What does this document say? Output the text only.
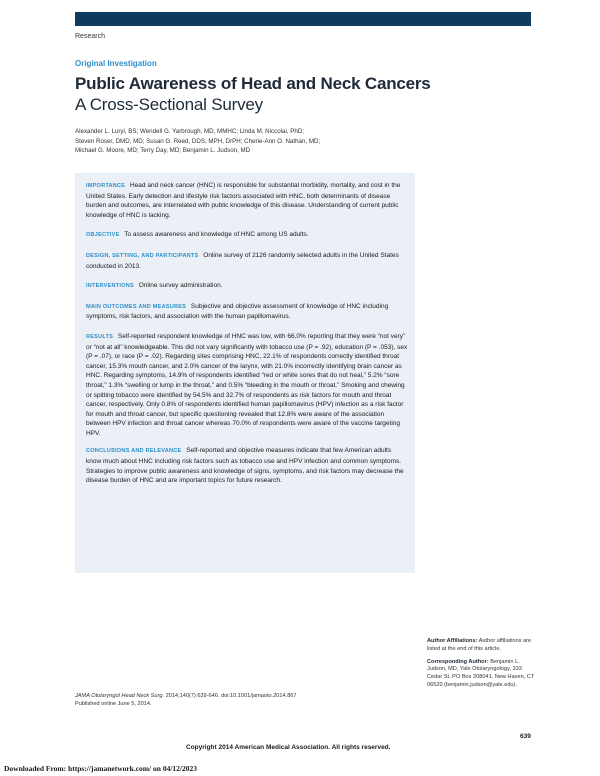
Research
Original Investigation
Public Awareness of Head and Neck Cancers
A Cross-Sectional Survey
Alexander L. Luryi, BS; Wendell G. Yarbrough, MD, MMHC; Linda M. Niccolai, PhD;
Steven Roser, DMD, MD; Susan G. Reed, DDS, MPH, DrPH; Cherie-Ann O. Nathan, MD;
Michael G. Moore, MD; Terry Day, MD; Benjamin L. Judson, MD

IMPORTANCE Head and neck cancer (HNC) is responsible for substantial morbidity, mortality, and cost in the United States. Early detection and lifestyle risk factors associated with HNC, both determinants of disease burden and outcomes, are interrelated with public knowledge of this disease. Understanding of current public knowledge of HNC is lacking.

OBJECTIVE To assess awareness and knowledge of HNC among US adults.

DESIGN, SETTING, AND PARTICIPANTS Online survey of 2126 randomly selected adults in the United States conducted in 2013.

INTERVENTIONS Online survey administration.

MAIN OUTCOMES AND MEASURES Subjective and objective assessment of knowledge of HNC including symptoms, risk factors, and association with the human papillomavirus.

RESULTS Self-reported respondent knowledge of HNC was low, with 66.0% reporting that they were “not very” or “not at all” knowledgeable. This did not vary significantly with tobacco use (P = .92), education (P = .053), sex (P = .07), or race (P = .02). Regarding sites comprising HNC, 22.1% of respondents correctly identified throat cancer, 15.3% mouth cancer, and 2.0% cancer of the larynx, with 21.0% incorrectly identifying brain cancer as HNC. Regarding symptoms, 14.9% of respondents identified “red or white sores that do not heal,” 5.2% “sore throat,” 1.3% “swelling or lump in the throat,” and 0.5% “bleeding in the mouth or throat.” Smoking and chewing or spitting tobacco were identified by 54.5% and 32.7% of respondents as risk factors for mouth and throat cancer, respectively. Only 0.8% of respondents identified human papillomavirus (HPV) infection as a risk factor for mouth and throat cancer, but specific questioning revealed that 12.8% were aware of the association between HPV infection and throat cancer whereas 70.0% of respondents were aware of the vaccine targeting HPV.

CONCLUSIONS AND RELEVANCE Self-reported and objective measures indicate that few American adults know much about HNC including risk factors such as tobacco use and HPV infection and common symptoms. Strategies to improve public awareness and knowledge of signs, symptoms, and risk factors may decrease the disease burden of HNC and are important topics for future research.

Author Affiliations: Author affiliations are listed at the end of this article.

Corresponding Author: Benjamin L. Judson, MD, Yale Otolaryngology, 333 Cedar St, PO Box 208041, New Haven, CT 06520 (benjamin.judson@yale.edu).

JAMA Otolaryngol Head Neck Surg. 2014;140(7):639-646. doi:10.1001/jamaoto.2014.867
Published online June 5, 2014.
639
Copyright 2014 American Medical Association. All rights reserved.
Downloaded From: https://jamanetwork.com/ on 04/12/2023
